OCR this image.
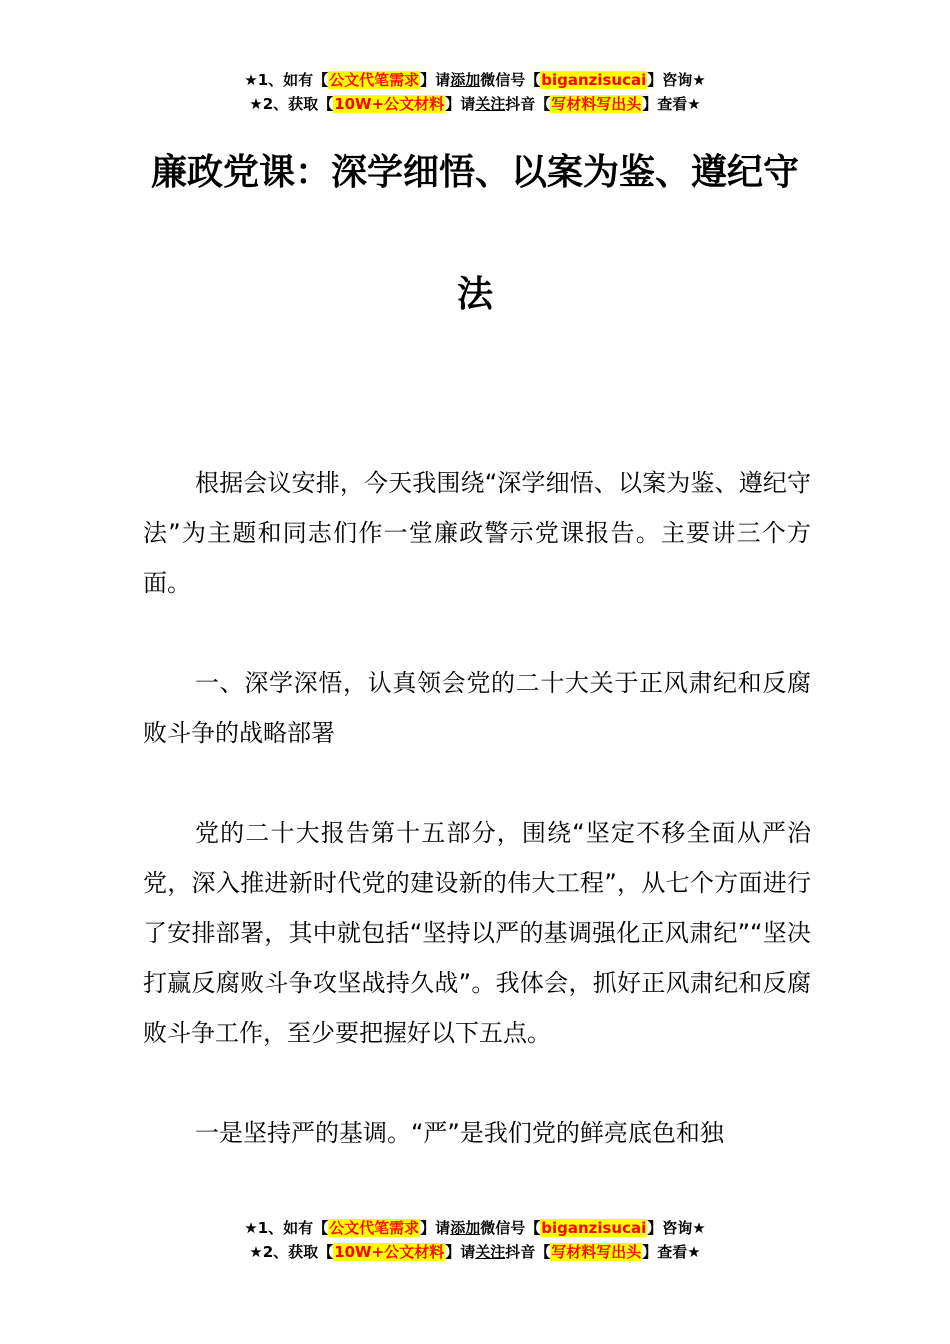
★1、如有【公文代笔需求】请添加微信号【biganzisucai】咨询★
★2、获取【10W+公文材料】请关注抖音【写材料写出头】查看★
廉政党课：深学细悟、以案为鉴、遵纪守
法

根据会议安排，今天我围绕“深学细悟、以案为鉴、遵纪守法”为主题和同志们作一堂廉政警示党课报告。主要讲三个方面。

一、深学深悟，认真领会党的二十大关于正风肃纪和反腐败斗争的战略部署

党的二十大报告第十五部分，围绕“坚定不移全面从严治党，深入推进新时代党的建设新的伟大工程”，从七个方面进行了安排部署，其中就包括“坚持以严的基调强化正风肃纪”“坚决打赢反腐败斗争攻坚战持久战”。我体会，抓好正风肃纪和反腐败斗争工作，至少要把握好以下五点。

一是坚持严的基调。“严”是我们党的鲜亮底色和独

★1、如有【公文代笔需求】请添加微信号【biganzisucai】咨询★
★2、获取【10W+公文材料】请关注抖音【写材料写出头】查看★
